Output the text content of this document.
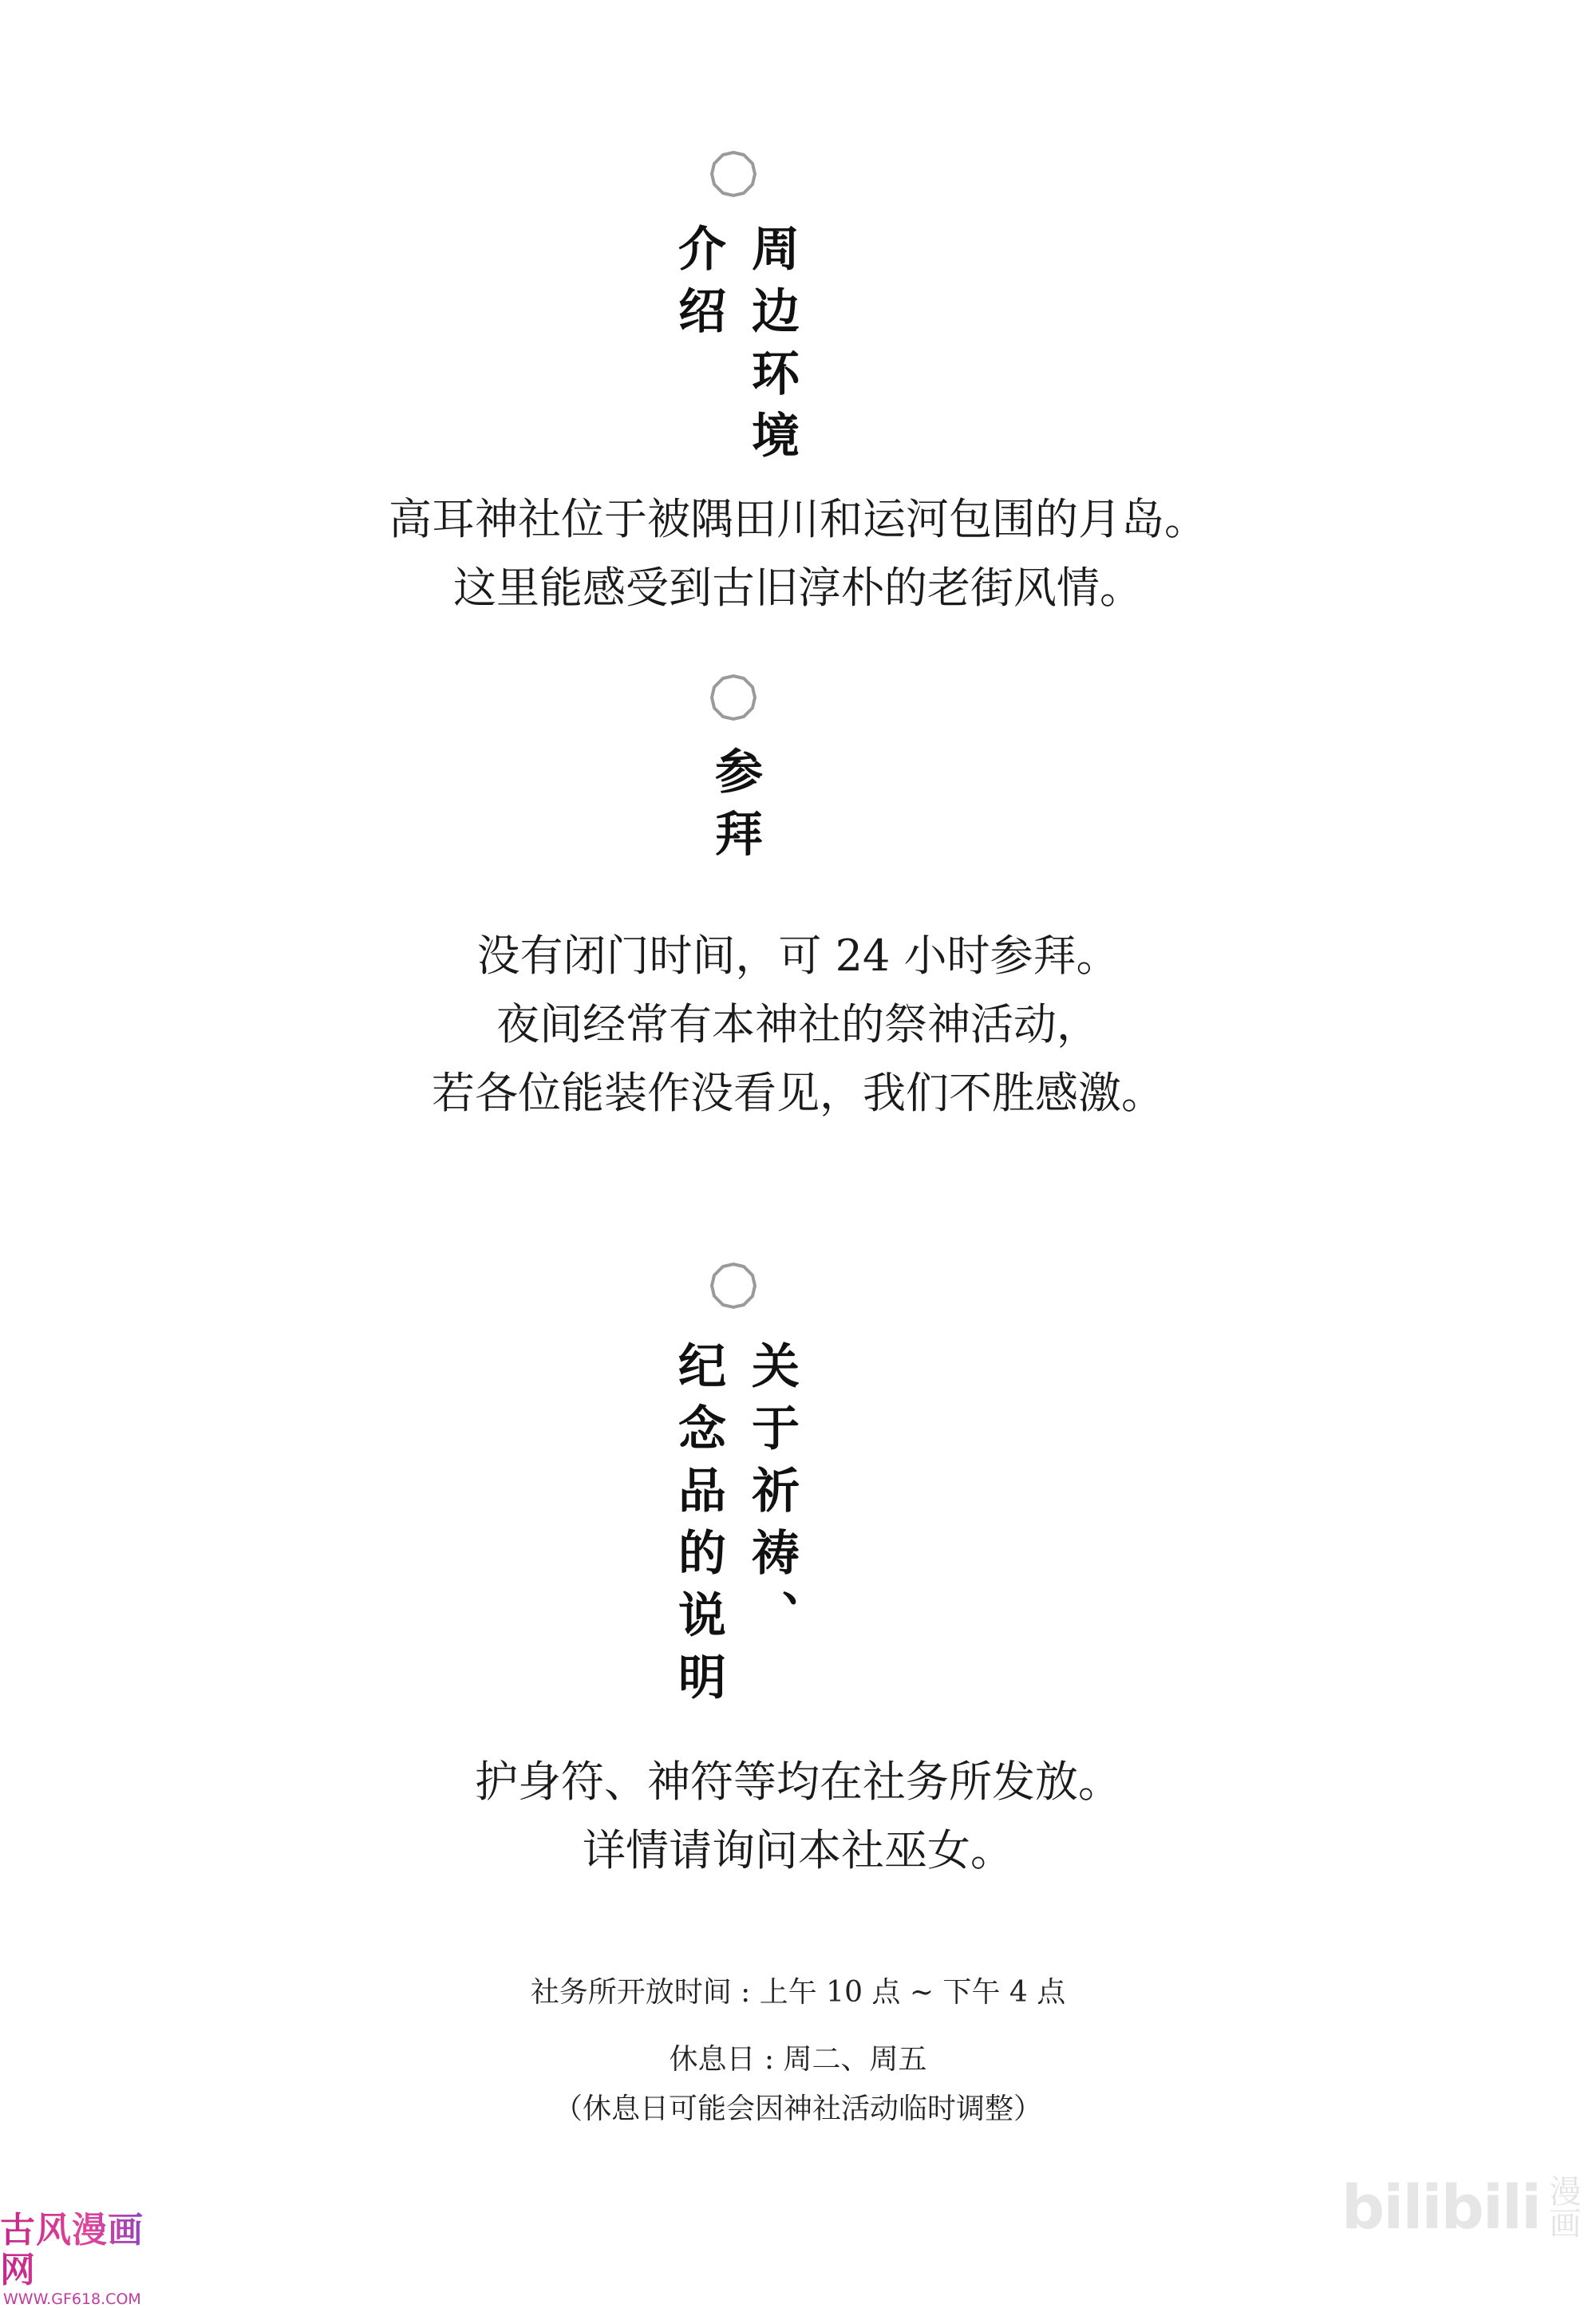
周边环境
介绍
高耳神社位于被隅田川和运河包围的月岛。
这里能感受到古旧淳朴的老街风情。
参拜
没有闭门时间，可 24 小时参拜。
夜间经常有本神社的祭神活动，
若各位能装作没看见，我们不胜感激。
关于祈祷、
纪念品的说明
护身符、神符等均在社务所发放。
详情请询问本社巫女。
社务所开放时间 : 上午 10 点 ~ 下午 4 点
休息日 : 周二、周五
（休息日可能会因神社活动临时调整）
古风漫画网
WWW.GF618.COM
bilibili 漫画
